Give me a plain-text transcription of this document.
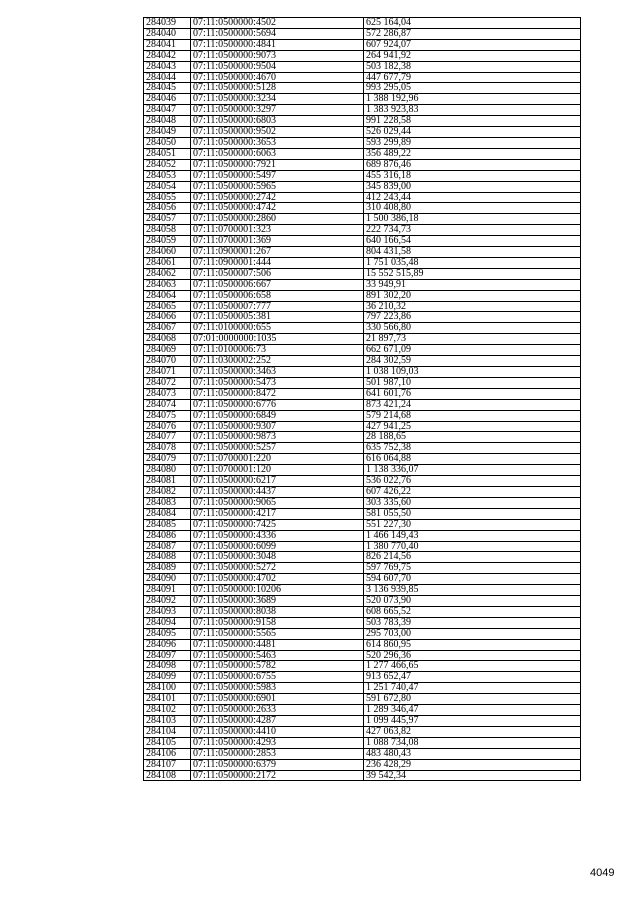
284039	07:11:0500000:4502	625 164,04
284040	07:11:0500000:5694	572 286,87
284041	07:11:0500000:4841	607 924,07
284042	07:11:0500000:9073	264 941,92
284043	07:11:0500000:9504	503 182,38
284044	07:11:0500000:4670	447 677,79
284045	07:11:0500000:5128	993 295,05
284046	07:11:0500000:3234	1 388 192,96
284047	07:11:0500000:3297	1 383 923,83
284048	07:11:0500000:6803	991 228,58
284049	07:11:0500000:9502	526 029,44
284050	07:11:0500000:3653	593 299,89
284051	07:11:0500000:6063	356 489,22
284052	07:11:0500000:7921	689 876,46
284053	07:11:0500000:5497	455 316,18
284054	07:11:0500000:5965	345 839,00
284055	07:11:0500000:2742	412 243,44
284056	07:11:0500000:4742	310 408,80
284057	07:11:0500000:2860	1 500 386,18
284058	07:11:0700001:323	222 734,73
284059	07:11:0700001:369	640 166,54
284060	07:11:0900001:267	804 431,58
284061	07:11:0900001:444	1 751 035,48
284062	07:11:0500007:506	15 552 515,89
284063	07:11:0500006:667	33 949,91
284064	07:11:0500006:658	891 302,20
284065	07:11:0500007:777	36 210,32
284066	07:11:0500005:381	797 223,86
284067	07:11:0100000:655	330 566,80
284068	07:01:0000000:1035	21 897,73
284069	07:11:0100006:73	662 671,09
284070	07:11:0300002:252	284 302,59
284071	07:11:0500000:3463	1 038 109,03
284072	07:11:0500000:5473	501 987,10
284073	07:11:0500000:8472	641 601,76
284074	07:11:0500000:6776	873 421,24
284075	07:11:0500000:6849	579 214,68
284076	07:11:0500000:9307	427 941,25
284077	07:11:0500000:9873	28 188,65
284078	07:11:0500000:5257	635 752,38
284079	07:11:0700001:220	616 064,88
284080	07:11:0700001:120	1 138 336,07
284081	07:11:0500000:6217	536 022,76
284082	07:11:0500000:4437	607 426,22
284083	07:11:0500000:9065	303 335,60
284084	07:11:0500000:4217	581 055,50
284085	07:11:0500000:7425	551 227,30
284086	07:11:0500000:4336	1 466 149,43
284087	07:11:0500000:6099	1 380 770,40
284088	07:11:0500000:3048	826 214,56
284089	07:11:0500000:5272	597 769,75
284090	07:11:0500000:4702	594 607,70
284091	07:11:0500000:10206	3 136 939,85
284092	07:11:0500000:3689	520 073,90
284093	07:11:0500000:8038	608 665,52
284094	07:11:0500000:9158	503 783,39
284095	07:11:0500000:5565	295 703,00
284096	07:11:0500000:4481	614 860,95
284097	07:11:0500000:5463	520 296,36
284098	07:11:0500000:5782	1 277 466,65
284099	07:11:0500000:6755	913 652,47
284100	07:11:0500000:5983	1 251 740,47
284101	07:11:0500000:6901	591 672,80
284102	07:11:0500000:2633	1 289 346,47
284103	07:11:0500000:4287	1 099 445,97
284104	07:11:0500000:4410	427 063,82
284105	07:11:0500000:4293	1 088 734,08
284106	07:11:0500000:2853	483 480,43
284107	07:11:0500000:6379	236 428,29
284108	07:11:0500000:2172	39 542,34
4049
